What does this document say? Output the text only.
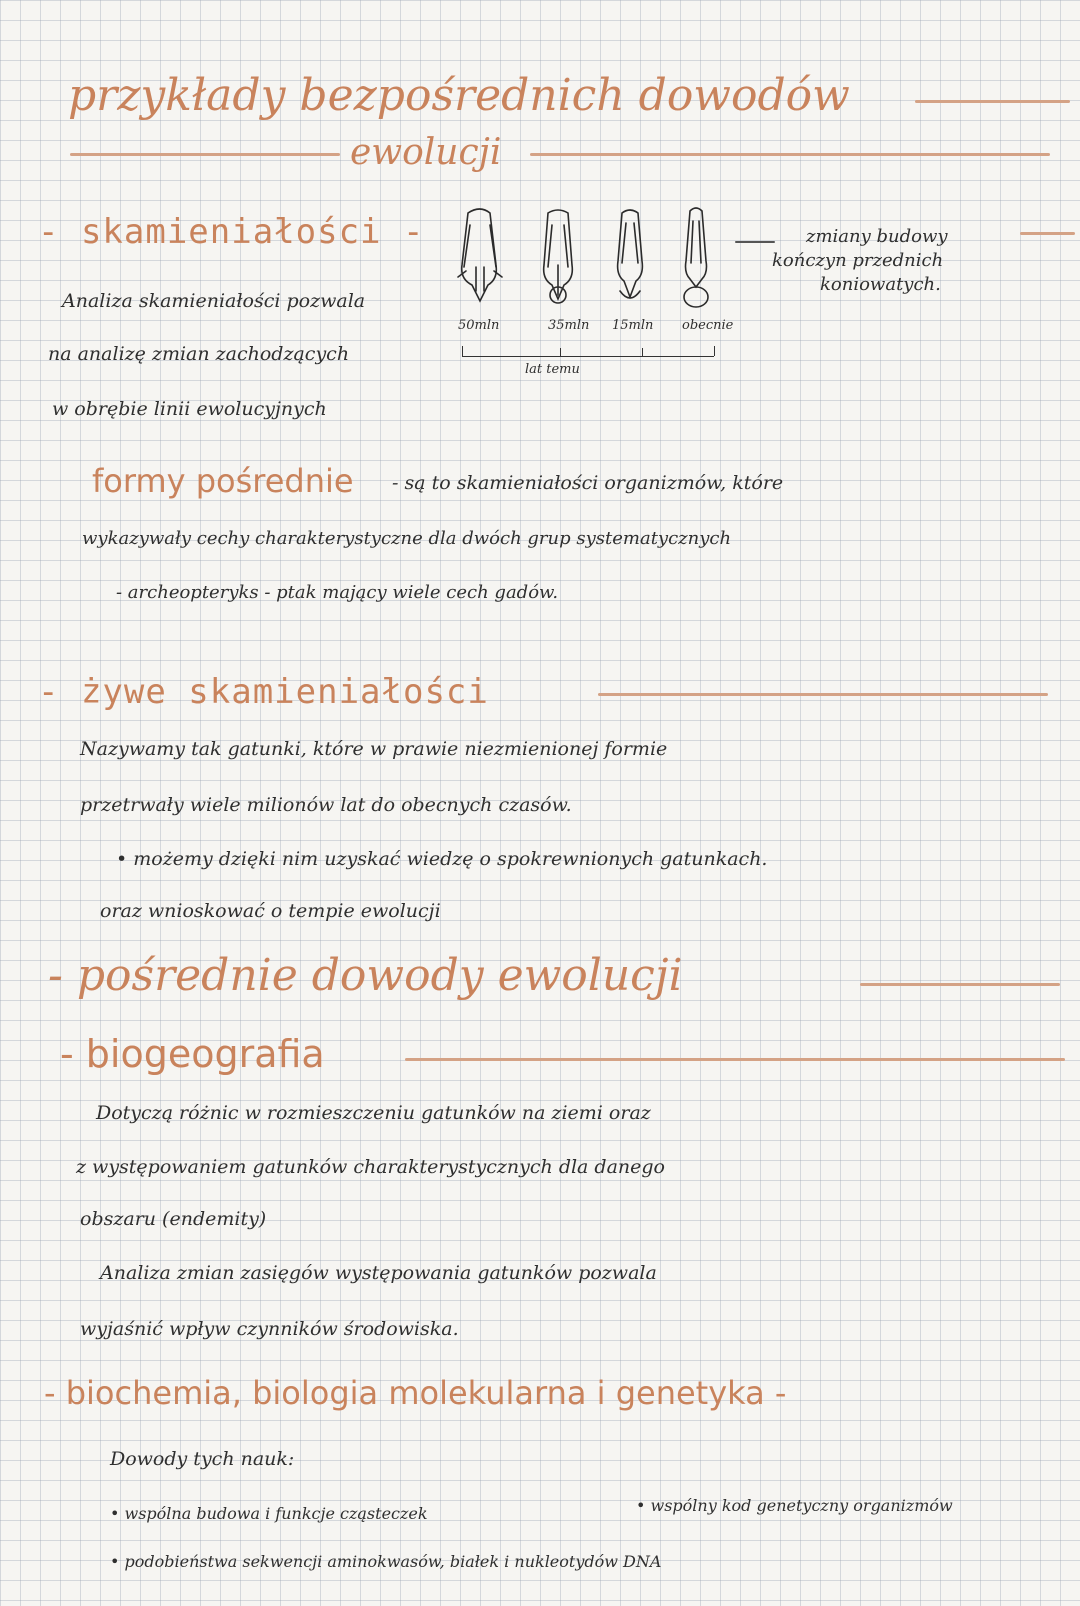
przykłady bezpośrednich dowodów
ewolucji
- skamieniałości -
Analiza skamieniałości pozwala
na analizę zmian zachodzących
w obrębie linii ewolucyjnych
50mln	35mln 15mln obecnie
lat temu
zmiany budowy
kończyn przednich
koniowatych.
formy pośrednie - są to skamieniałości organizmów, które
wykazywały cechy charakterystyczne dla dwóch grup systematycznych
- archeopteryks - ptak mający wiele cech gadów.
- żywe skamieniałości
Nazywamy tak gatunki, które w prawie niezmienionej formie
przetrwały wiele milionów lat do obecnych czasów.
• możemy dzięki nim uzyskać wiedzę o spokrewnionych gatunkach.
oraz wnioskować o tempie ewolucji
- pośrednie dowody ewolucji
- biogeografia
Dotyczą różnic w rozmieszczeniu gatunków na ziemi oraz
z występowaniem gatunków charakterystycznych dla danego
obszaru (endemity)
Analiza zmian zasięgów występowania gatunków pozwala
wyjaśnić wpływ czynników środowiska.
- biochemia, biologia molekularna i genetyka -
Dowody tych nauk:
• wspólna budowa i funkcje cząsteczek	• wspólny kod genetyczny organizmów
• podobieństwa sekwencji aminokwasów, białek i nukleotydów DNA
